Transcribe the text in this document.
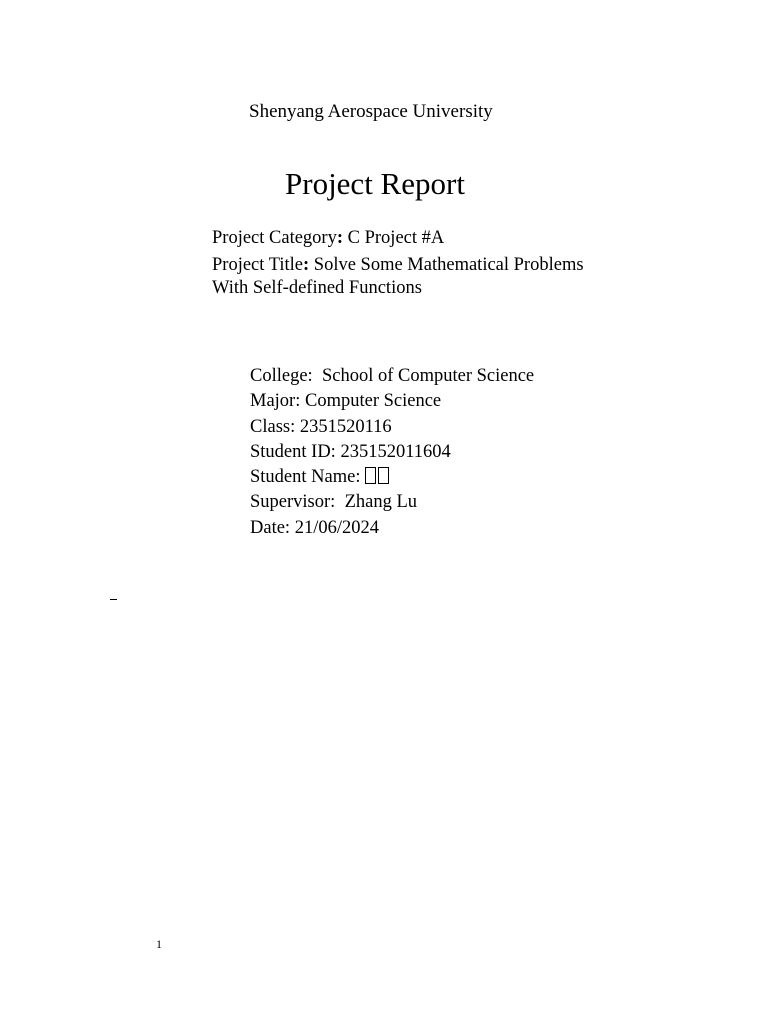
Shenyang Aerospace University
Project Report
Project Category: C Project #A
Project Title: Solve Some Mathematical Problems
With Self-defined Functions
College: School of Computer Science
Major: Computer Science
Class: 2351520116
Student ID: 235152011604
Student Name:
Supervisor: Zhang Lu
Date: 21/06/2024
1
